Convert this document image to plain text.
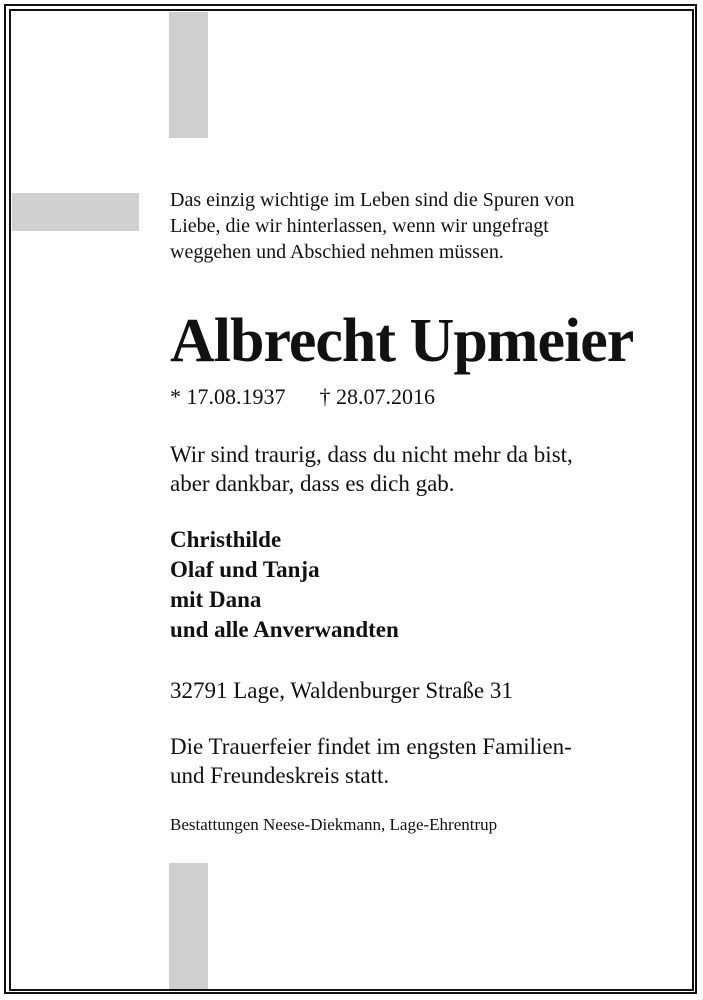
Das einzig wichtige im Leben sind die Spuren von
Liebe, die wir hinterlassen, wenn wir ungefragt
weggehen und Abschied nehmen müssen.
Albrecht Upmeier
* 17.08.1937 † 28.07.2016
Wir sind traurig, dass du nicht mehr da bist,
aber dankbar, dass es dich gab.
Christhilde
Olaf und Tanja
mit Dana
und alle Anverwandten
32791 Lage, Waldenburger Straße 31
Die Trauerfeier findet im engsten Familien-
und Freundeskreis statt.
Bestattungen Neese-Diekmann, Lage-Ehrentrup
